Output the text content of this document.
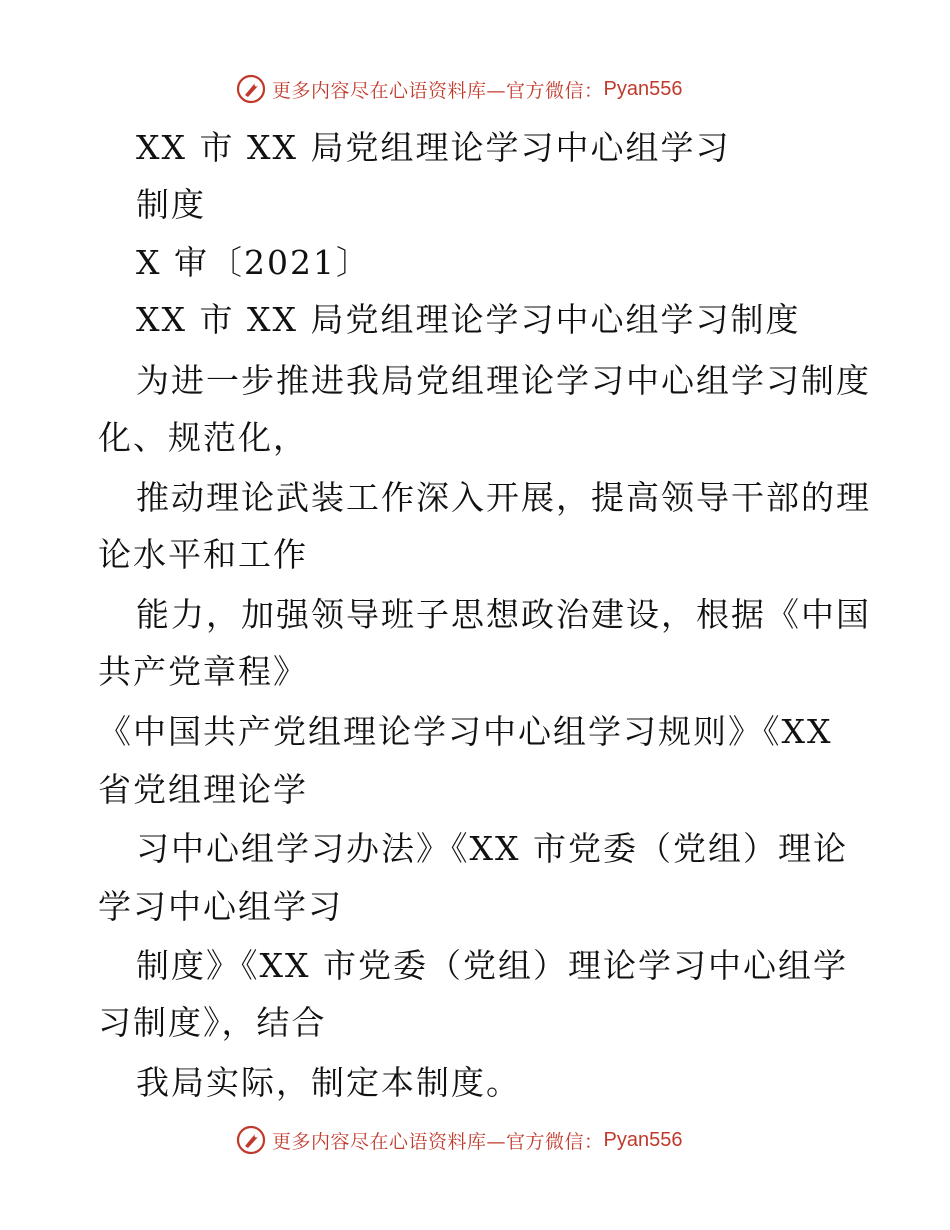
更多内容尽在心语资料库—官方微信： Pyan556
XX 市 XX 局党组理论学习中心组学习
制度
X 审〔2021〕
XX 市 XX 局党组理论学习中心组学习制度
为进一步推进我局党组理论学习中心组学习制度
化、规范化，
推动理论武装工作深入开展，提高领导干部的理
论水平和工作
能力，加强领导班子思想政治建设，根据《中国
共产党章程》
《中国共产党组理论学习中心组学习规则》《XX
省党组理论学
习中心组学习办法》《XX 市党委（党组）理论
学习中心组学习
制度》《XX 市党委（党组）理论学习中心组学
习制度》，结合
我局实际，制定本制度。
更多内容尽在心语资料库—官方微信： Pyan556
